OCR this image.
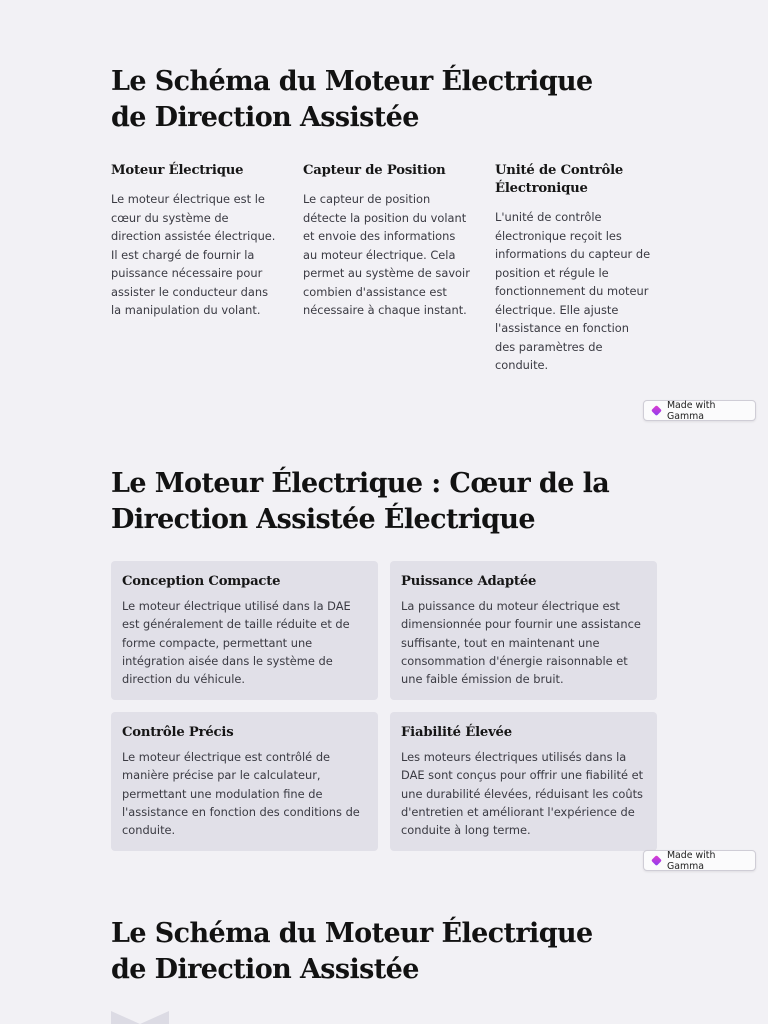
Le Schéma du Moteur Électrique de Direction Assistée
Moteur Électrique

Le moteur électrique est le cœur du système de direction assistée électrique. Il est chargé de fournir la puissance nécessaire pour assister le conducteur dans la manipulation du volant.

Capteur de Position

Le capteur de position détecte la position du volant et envoie des informations au moteur électrique. Cela permet au système de savoir combien d'assistance est nécessaire à chaque instant.

Unité de Contrôle Électronique

L'unité de contrôle électronique reçoit les informations du capteur de position et régule le fonctionnement du moteur électrique. Elle ajuste l'assistance en fonction des paramètres de conduite.

Made with Gamma
Le Moteur Électrique : Cœur de la Direction Assistée Électrique
Conception Compacte

Le moteur électrique utilisé dans la DAE est généralement de taille réduite et de forme compacte, permettant une intégration aisée dans le système de direction du véhicule.

Puissance Adaptée

La puissance du moteur électrique est dimensionnée pour fournir une assistance suffisante, tout en maintenant une consommation d'énergie raisonnable et une faible émission de bruit.

Contrôle Précis

Le moteur électrique est contrôlé de manière précise par le calculateur, permettant une modulation fine de l'assistance en fonction des conditions de conduite.

Fiabilité Élevée

Les moteurs électriques utilisés dans la DAE sont conçus pour offrir une fiabilité et une durabilité élevées, réduisant les coûts d'entretien et améliorant l'expérience de conduite à long terme.

Made with Gamma
Le Schéma du Moteur Électrique de Direction Assistée
